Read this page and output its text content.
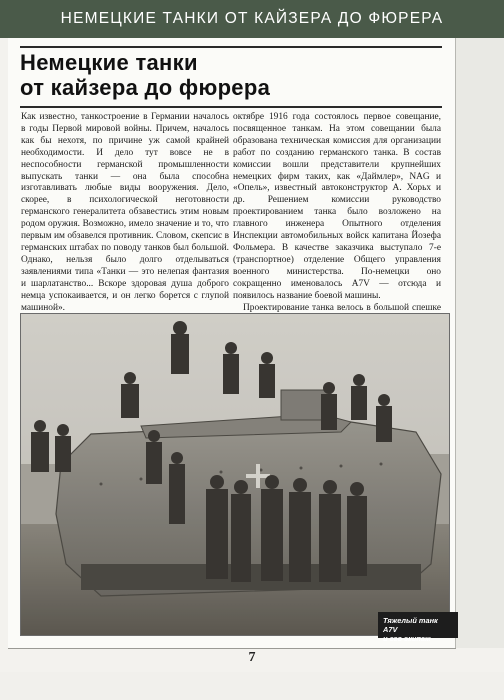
НЕМЕЦКИЕ ТАНКИ ОТ КАЙЗЕРА ДО ФЮРЕРА
Немецкие танки
от кайзера до фюрера

Как известно, танкостроение в Германии началось в годы Первой мировой войны. Причем, началось как бы нехотя, по причине уж самой крайней необходимости. И дело тут вовсе не в неспособности германской промышленности выпускать танки — она была способна изготавливать любые виды вооружения. Дело, скорее, в психологической неготовности германского генералитета обзавестись этим новым родом оружия. Возможно, имело значение и то, что первым им обзавелся противник. Словом, скепсис в германских штабах по поводу танков был большой. Однако, нельзя было долго отделываться заявлениями типа «Танки — это нелепая фантазия и шарлатанство... Вскоре здоровая душа доброго немца успокаивается, и он легко борется с глупой машиной».

октябре 1916 года состоялось первое совещание, посвященное танкам. На этом совещании была образована техническая комиссия для организации работ по созданию германского танка. В состав комиссии вошли представители крупнейших немецких фирм таких, как «Даймлер», NAG и «Опель», известный автоконструктор А. Хорьх и др. Решением комиссии руководство проектированием танка было возложено на главного инженера Опытного отделения Инспекции автомобильных войск капитана Йозефа Фольмера. В качестве заказчика выступало 7-е (транспортное) отделение Общего управления военного министерства. По-немецки оно сокращенно именовалось A7V — отсюда и появилось название боевой машины.

Проектирование танка велось в большой спешке

Тяжелый танк A7V
и его экипаж
7
